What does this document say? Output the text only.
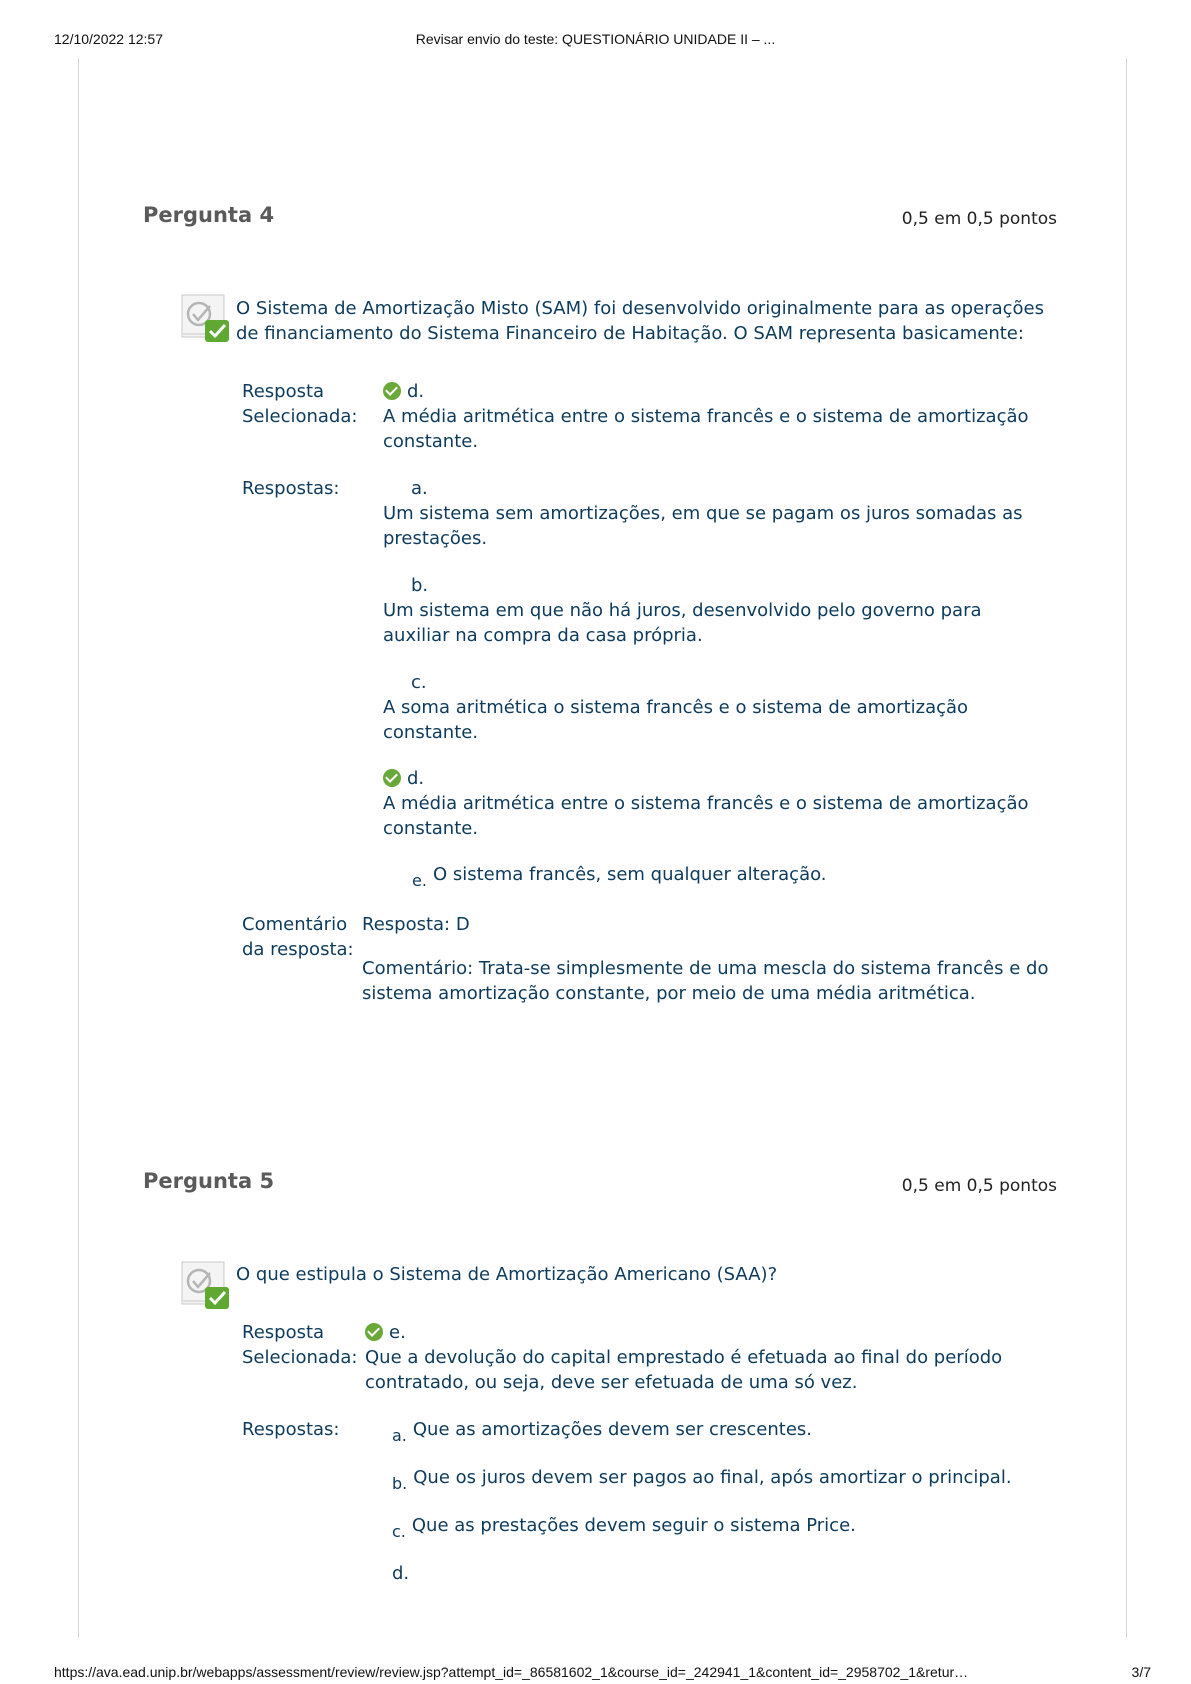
12/10/2022 12:57	Revisar envio do teste: QUESTIONÁRIO UNIDADE II – ...
https://ava.ead.unip.br/webapps/assessment/review/review.jsp?attempt_id=_86581602_1&course_id=_242941_1&content_id=_2958702_1&retur…	3/7
Pergunta 4	0,5 em 0,5 pontos
O Sistema de Amortização Misto (SAM) foi desenvolvido originalmente para as operações de financiamento do Sistema Financeiro de Habitação. O SAM representa basicamente:
Resposta
Selecionada:
d.
A média aritmética entre o sistema francês e o sistema de amortização constante.
Respostas:	a.
Um sistema sem amortizações, em que se pagam os juros somadas as prestações.
b.
Um sistema em que não há juros, desenvolvido pelo governo para auxiliar na compra da casa própria.
c.
A soma aritmética o sistema francês e o sistema de amortização constante.
d.
A média aritmética entre o sistema francês e o sistema de amortização constante.
e. O sistema francês, sem qualquer alteração.
Comentário
da resposta:
Resposta: D
Comentário: Trata-se simplesmente de uma mescla do sistema francês e do sistema amortização constante, por meio de uma média aritmética.
Pergunta 5	0,5 em 0,5 pontos
O que estipula o Sistema de Amortização Americano (SAA)?
Resposta
Selecionada:
e.
Que a devolução do capital emprestado é efetuada ao final do período contratado, ou seja, deve ser efetuada de uma só vez.
Respostas:	a. Que as amortizações devem ser crescentes.
b. Que os juros devem ser pagos ao final, após amortizar o principal.
c. Que as prestações devem seguir o sistema Price.
d.
